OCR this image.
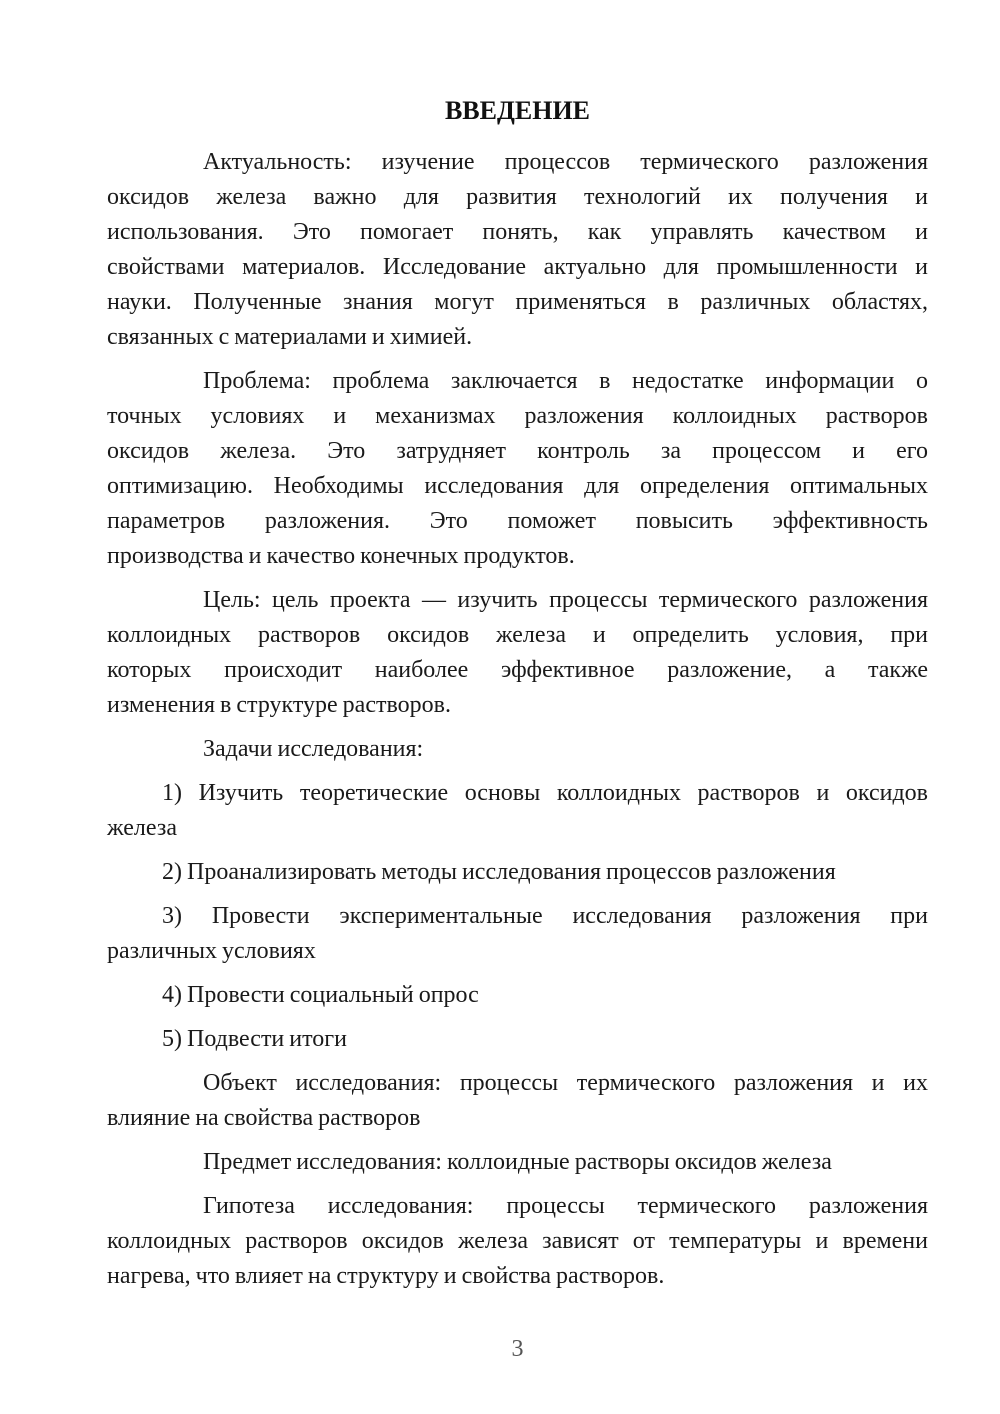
ВВЕДЕНИЕ
Актуальность: изучение процессов термического разложения
оксидов железа важно для развития технологий их получения и
использования. Это помогает понять, как управлять качеством и
свойствами материалов. Исследование актуально для промышленности и
науки. Полученные знания могут применяться в различных областях,
связанных с материалами и химией.
Проблема: проблема заключается в недостатке информации о
точных условиях и механизмах разложения коллоидных растворов
оксидов железа. Это затрудняет контроль за процессом и его
оптимизацию. Необходимы исследования для определения оптимальных
параметров разложения. Это поможет повысить эффективность
производства и качество конечных продуктов.
Цель: цель проекта — изучить процессы термического разложения
коллоидных растворов оксидов железа и определить условия, при
которых происходит наиболее эффективное разложение, а также
изменения в структуре растворов.
Задачи исследования:
1) Изучить теоретические основы коллоидных растворов и оксидов
железа
2) Проанализировать методы исследования процессов разложения
3) Провести экспериментальные исследования разложения при
различных условиях
4) Провести социальный опрос
5) Подвести итоги
Объект исследования: процессы термического разложения и их
влияние на свойства растворов
Предмет исследования: коллоидные растворы оксидов железа
Гипотеза исследования: процессы термического разложения
коллоидных растворов оксидов железа зависят от температуры и времени
нагрева, что влияет на структуру и свойства растворов.
3
